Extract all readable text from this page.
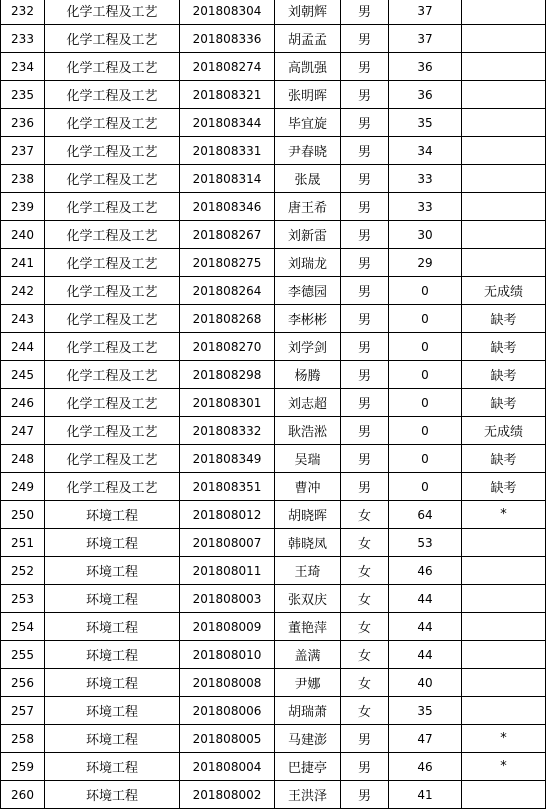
232	化学工程及工艺	201808304	刘朝辉	男	37	
233	化学工程及工艺	201808336	胡孟孟	男	37	
234	化学工程及工艺	201808274	高凯强	男	36	
235	化学工程及工艺	201808321	张明晖	男	36	
236	化学工程及工艺	201808344	毕宜旋	男	35	
237	化学工程及工艺	201808331	尹春晓	男	34	
238	化学工程及工艺	201808314	张晟	男	33	
239	化学工程及工艺	201808346	唐王希	男	33	
240	化学工程及工艺	201808267	刘新雷	男	30	
241	化学工程及工艺	201808275	刘瑞龙	男	29	
242	化学工程及工艺	201808264	李德园	男	0	无成绩
243	化学工程及工艺	201808268	李彬彬	男	0	缺考
244	化学工程及工艺	201808270	刘学剑	男	0	缺考
245	化学工程及工艺	201808298	杨腾	男	0	缺考
246	化学工程及工艺	201808301	刘志超	男	0	缺考
247	化学工程及工艺	201808332	耿浩淞	男	0	无成绩
248	化学工程及工艺	201808349	吴瑞	男	0	缺考
249	化学工程及工艺	201808351	曹冲	男	0	缺考
250	环境工程	201808012	胡晓晖	女	64	*
251	环境工程	201808007	韩晓凤	女	53	
252	环境工程	201808011	王琦	女	46	
253	环境工程	201808003	张双庆	女	44	
254	环境工程	201808009	董艳萍	女	44	
255	环境工程	201808010	盖满	女	44	
256	环境工程	201808008	尹娜	女	40	
257	环境工程	201808006	胡瑞萧	女	35	
258	环境工程	201808005	马建澎	男	47	*
259	环境工程	201808004	巴捷亭	男	46	*
260	环境工程	201808002	王洪泽	男	41	
